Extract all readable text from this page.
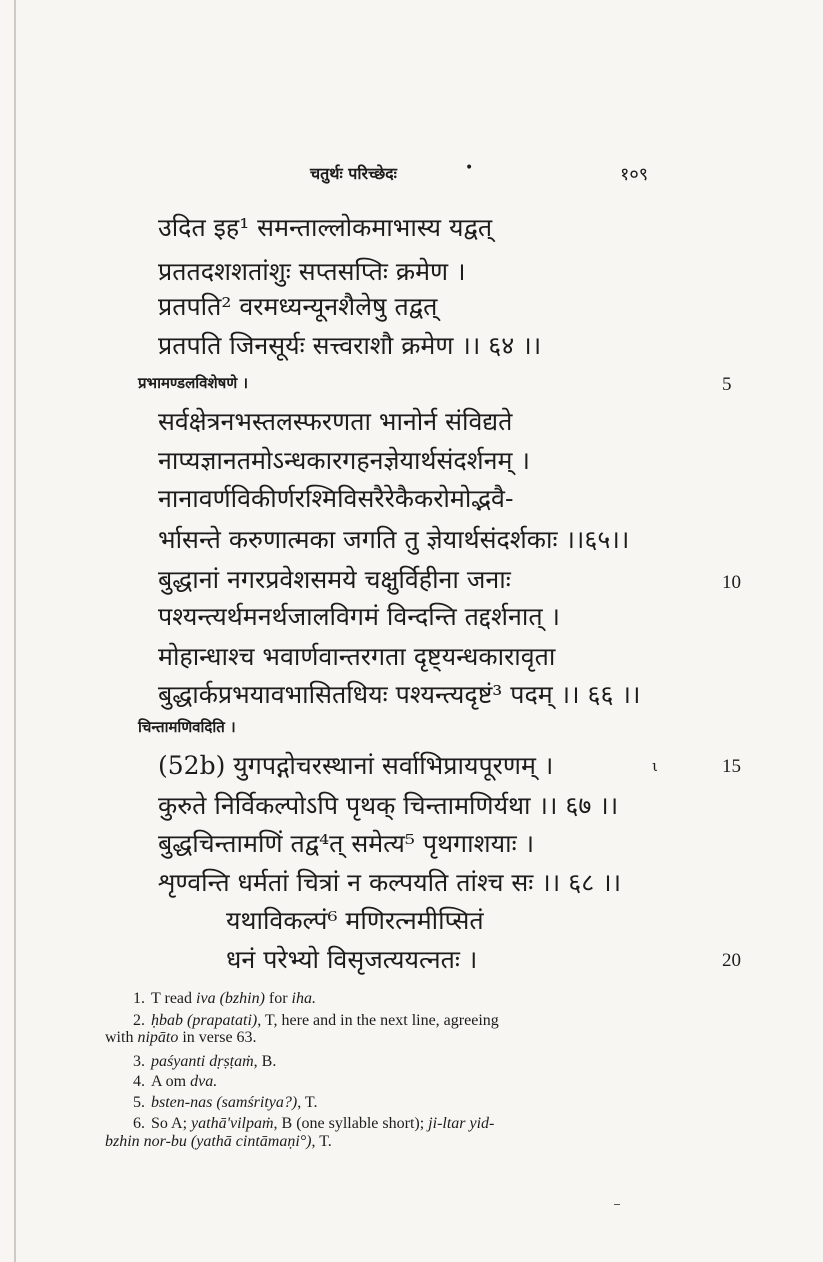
चतुर्थः परिच्छेदः	•	१०९
उदित इह¹ समन्ताल्लोकमाभास्य यद्वत्
प्रततदशशतांशुः सप्तसप्तिः क्रमेण ।
प्रतपति² वरमध्यन्यूनशैलेषु तद्वत्
प्रतपति जिनसूर्यः सत्त्वराशौ क्रमेण ।। ६४ ।।
प्रभामण्डलविशेषणे ।
सर्वक्षेत्रनभस्तलस्फरणता भानोर्न संविद्यते
नाप्यज्ञानतमोऽन्धकारगहनज्ञेयार्थसंदर्शनम् ।
नानावर्णविकीर्णरश्मिविसरैरेकैकरोमोद्भवै-
र्भासन्ते करुणात्मका जगति तु ज्ञेयार्थसंदर्शकाः ।।६५।।
बुद्धानां नगरप्रवेशसमये चक्षुर्विहीना जनाः
पश्यन्त्यर्थमनर्थजालविगमं विन्दन्ति तद्दर्शनात् ।
मोहान्धाश्च भवार्णवान्तरगता दृष्ट्यन्धकारावृता
बुद्धार्कप्रभयावभासितधियः पश्यन्त्यदृष्टं³ पदम् ।। ६६ ।।
चिन्तामणिवदिति ।
(52b) युगपद्गोचरस्थानां सर्वाभिप्रायपूरणम् ।
कुरुते निर्विकल्पोऽपि पृथक् चिन्तामणिर्यथा ।। ६७ ।।
बुद्धचिन्तामणिं तद्व⁴त् समेत्य⁵ पृथगाशयाः ।
शृण्वन्ति धर्मतां चित्रां न कल्पयति तांश्च सः ।। ६८ ।।
यथाविकल्पं⁶ मणिरत्नमीप्सितं
धनं परेभ्यो विसृजत्ययत्नतः ।
ι
5
10
15
20
1. T read iva (bzhin) for iha.
2. ḥbab (prapatati), T, here and in the next line, agreeing
with nipāto in verse 63.
3. paśyanti dṛṣṭaṁ, B.
4. A om dva.
5. bsten-nas (samśritya?), T.
6. So A; yathā'vilpaṁ, B (one syllable short); ji-ltar yid-
bzhin nor-bu (yathā cintāmaṇi°), T.
